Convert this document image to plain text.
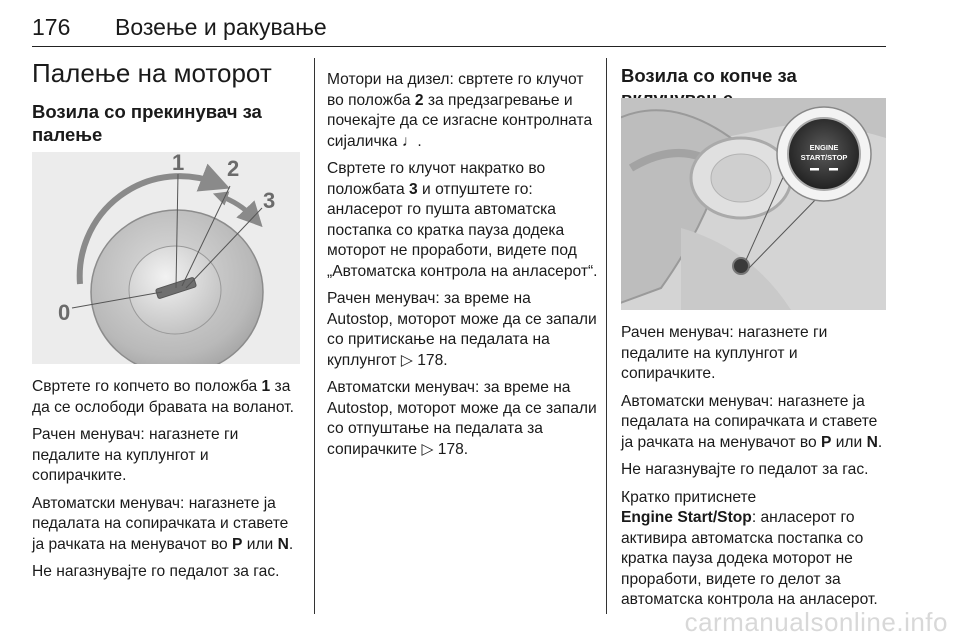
176 Возење и ракување
Палење на моторот
Возила со прекинувач за палење
1 2
3
0

Свртете го копчето во положба 1 за да се ослободи бравата на воланот.

Рачен менувач: нагазнете ги педалите на куплунгот и сопирачките.

Автоматски менувач: нагазнете ја педалата на сопирачката и ставете ја рачката на менувачот во P или N.

Не нагазнувајте го педалот за гас.

Мотори на дизел: свртете го клучот во положба 2 за предзагревање и почекајте да се изгасне контролната сијаличка ♩.

Свртете го клучот накратко во положбата 3 и отпуштете го: анласерот го пушта автоматска постапка со кратка пауза додека моторот не проработи, видете под „Автоматска контрола на анласерот“.

Рачен менувач: за време на Autostop, моторот може да се запали со притискање на педалата на куплунгот ▷ 178.

Автоматски менувач: за време на Autostop, моторот може да се запали со отпуштање на педалата за сопирачките ▷ 178.

Возила со копче за
ENGINE
START/STOP

Рачен менувач: нагазнете ги педалите на куплунгот и сопирачките.

Автоматски менувач: нагазнете ја педалата на сопирачката и ставете ја рачката на менувачот во P или N.

Не нагазнувајте го педалот за гас.

Кратко притиснете
Engine Start/Stop: анласерот го активира автоматска постапка со кратка пауза додека моторот не проработи, видете го делот за автоматска контрола на анласерот.

carmanualsonline.info
